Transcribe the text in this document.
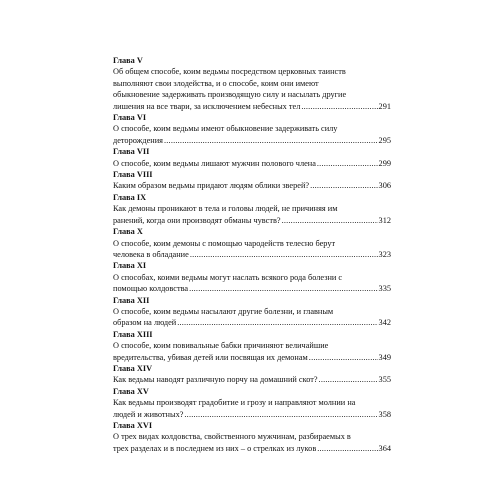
Глава V
Об общем способе, коим ведьмы посредством церковных таинств
выполняют свои злодейства, и о способе, коим они имеют
обыкновение задерживать производящую силу и насылать другие
лишения на все твари, за исключением небесных тел .....	291
Глава VI
О способе, коим ведьмы имеют обыкновение задерживать силу
деторождения .....	295
Глава VII
О способе, коим ведьмы лишают мужчин полового члена .....	299
Глава VIII
Каким образом ведьмы придают людям облики зверей? .....	306
Глава IX
Как демоны проникают в тела и головы людей, не причиняя им
ранений, когда они производят обманы чувств? .....	312
Глава X
О способе, коим демоны с помощью чародейств телесно берут
человека в обладание .....	323
Глава XI
О способах, коими ведьмы могут наслать всякого рода болезни с
помощью колдовства .....	335
Глава XII
О способе, коим ведьмы насылают другие болезни, и главным
образом на людей .....	342
Глава XIII
О способе, коим повивальные бабки причиняют величайшие
вредительства, убивая детей или посвящая их демонам .....	349
Глава XIV
Как ведьмы наводят различную порчу на домашний скот? .....	355
Глава XV
Как ведьмы производят градобитие и грозу и направляют молнии на
людей и животных? .....	358
Глава XVI
О трех видах колдовства, свойственного мужчинам, разбираемых в
трех разделах и в последнем из них – о стрелках из луков .....	364
